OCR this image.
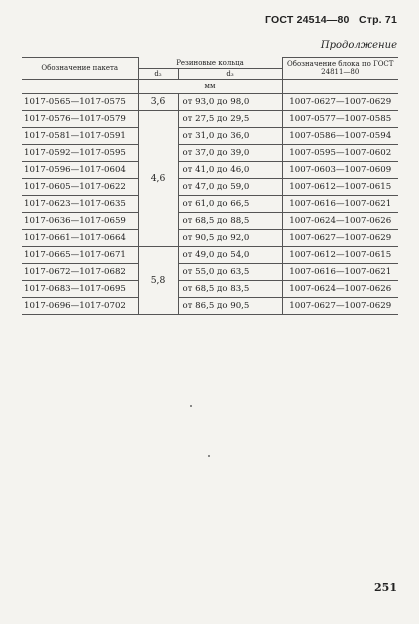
ГОСТ 24514—80 Стр. 71
Продолжение
Обозначение пакета	Резиновые кольца		Обозначение блока по ГОСТ 24811—80
	d₂	d₃	
	мм		
1017-0565—1017-0575	3,6	от 93,0 до 98,0	1007-0627—1007-0629
1017-0576—1017-0579	4,6	от 27,5 до 29,5	1007-0577—1007-0585
1017-0581—1017-0591		от 31,0 до 36,0	1007-0586—1007-0594
1017-0592—1017-0595		от 37,0 до 39,0	1007-0595—1007-0602
1017-0596—1017-0604		от 41,0 до 46,0	1007-0603—1007-0609
1017-0605—1017-0622		от 47,0 до 59,0	1007-0612—1007-0615
1017-0623—1017-0635		от 61,0 до 66,5	1007-0616—1007-0621
1017-0636—1017-0659		от 68,5 до 88,5	1007-0624—1007-0626
1017-0661—1017-0664		от 90,5 до 92,0	1007-0627—1007-0629
1017-0665—1017-0671	5,8	от 49,0 до 54,0	1007-0612—1007-0615
1017-0672—1017-0682		от 55,0 до 63,5	1007-0616—1007-0621
1017-0683—1017-0695		от 68,5 до 83,5	1007-0624—1007-0626
1017-0696—1017-0702		от 86,5 до 90,5	1007-0627—1007-0629
251
